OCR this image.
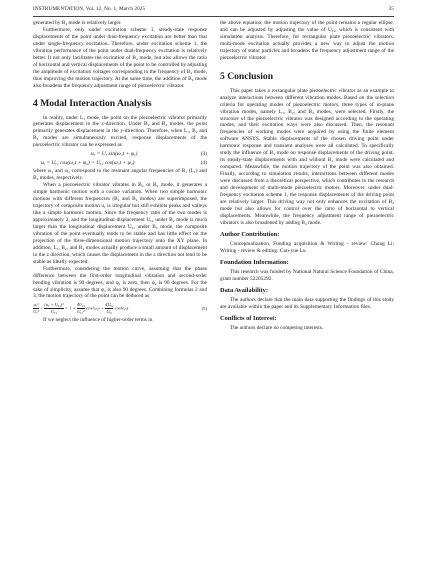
INSTRUMENTATION, Vol. 12, No. 1, March 2025	35

generated by B₄ mode is relatively larger.

Furthermore, only under excitation scheme 1, steady-state response displacements of the point under dual-frequency excitation are better than that under single-frequency excitation. Therefore, under excitation scheme 1, the vibration performance of the point under dual-frequency excitation is relatively better. It not only facilitates the excitation of B₄ mode, but also allows the ratio of horizontal and vertical displacements of the point to be controlled by adjusting the amplitude of excitation voltages corresponding to the frequency of B₄ mode, thus improving the motion trajectory. At the same time, the addition of B₄ mode also broadens the frequency adjustment range of piezoelectric vibrator.

4 Modal Interaction Analysis

In reality, under L₁ mode, the point on the piezoelectric vibrator primarily generates displacement in the x-direction. Under B₂ and B₄ modes, the point primarily generates displacement in the y-direction. Therefore, when L₁, B₂ and B₄ modes are simultaneously excited, response displacements of the piezoelectric vibrator can be expressed as

uₓ = Uₓ sin(ω₁t + φ₁)	(3)
uᵧ = Uᵧ₁ cos(ω₂t + φ₂) + Uᵧ₂ cos(ω₃t + φ₃)	(4)

where ω₁ and ω₂ correspond to the resonant angular frequencies of B₂ (L₁) and B₄ modes, respectively.

When a piezoelectric vibrator vibrates in B₂ or B₄ mode, it generates a simple harmonic motion with a cosine variation. When two simple harmonic motions with different frequencies (B₂ and B₄ modes) are superimposed, the trajectory of composite motion uᵧ is irregular but still exhibits peaks and valleys like a simple harmonic motion. Since the frequency ratio of the two modes is approximately 2, and the longitudinal displacement Uᵧ₂ under B₂ mode is much larger than the longitudinal displacement Uᵧ₁ under B₄ mode, the composite vibration of the point eventually tends to be stable and has little effect on the projection of the three-dimensional motion trajectory onto the XY plane. In addition, L₁, B₂, and B₄ modes actually produce a small amount of displacement in the z direction, which causes the displacement in the z direction not tend to be stable as ideally expected.

Furthermore, considering the motion curve, assuming that the phase difference between the first-order longitudinal vibration and second-order bending vibration is 90 degrees, and φ₁ is zero, then φ₂ is 90 degrees. For the sake of simplicity, assume that φ₃ is also 90 degrees. Combining formulas 2 and 3, the motion trajectory of the point can be deduced as

$\frac{\text{uₓ²}}{\text{Uₓ²}} + \frac{\text{(uᵧ + Uᵧ₂)²}}{\text{Uᵧ₁}} = 1 + \frac{\text{4Uᵧ₂}}{\text{Uᵧ₁²}} \cos^2\omega_3t + \frac{\text{4Uᵧ₂}}{\text{Uᵧ₁}} \cos^4\omega_3t$	(5)

If we neglect the influence of higher-order terms in

the above equation, the motion trajectory of the point remains a regular ellipse, and can be adjusted by adjusting the value of Uᵧ₂, which is consistent with simulation analysis. Therefore, for rectangular plate piezoelectric vibrators, multi-mode excitation actually provides a new way to adjust the motion trajectory of stator particles and broadens the frequency adjustment range of the piezoelectric vibrator.

5 Conclusion

This paper takes a rectangular plate piezoelectric vibrator as an example to analyze interactions between different vibration modes. Based on the selection criteria for operating modes of piezoelectric motors, three types of in-plane vibration modes, namely L₁, B₂, and B₄ modes, were selected. Firstly, the structure of the piezoelectric vibrator was designed according to the operating modes, and their excitation ways were also discussed. Then, the resonant frequencies of working modes were acquired by using the finite element software ANSYS. Stable displacements of the chosen driving point under harmonic response and transient analyses were all calculated. To specifically study the influence of B₄ mode on response displacements of the driving point, its steady-state displacements with and without B₄ mode were calculated and compared. Meanwhile, the motion trajectory of the point was also obtained. Finally, according to simulation results, interactions between different modes were discussed from a theoretical perspective, which contributes to the research and development of multi-mode piezoelectric motors. Moreover, under dual-frequency excitation scheme 1, the response displacements of the driving point are relatively larger. This driving way not only enhances the excitation of B₄ mode but also allows for control over the ratio of horizontal to vertical displacements. Meanwhile, the frequency adjustment range of piezoelectric vibrators is also broadened by adding B₄ mode.

Author Contribution:

Conceptualization, Funding acquisition & Writing - review: Chong Li; Writing - review & editing: Cun-yue Lu.

Foundation Information:

This research was funded by National Natural Science Foundation of China, grant number 52205292.

Data Availability:

The authors declare that the main data supporting the findings of this study are available within the paper and its Supplementary Information files.

Conflicts of Interest:

The authors declare no competing interests.
